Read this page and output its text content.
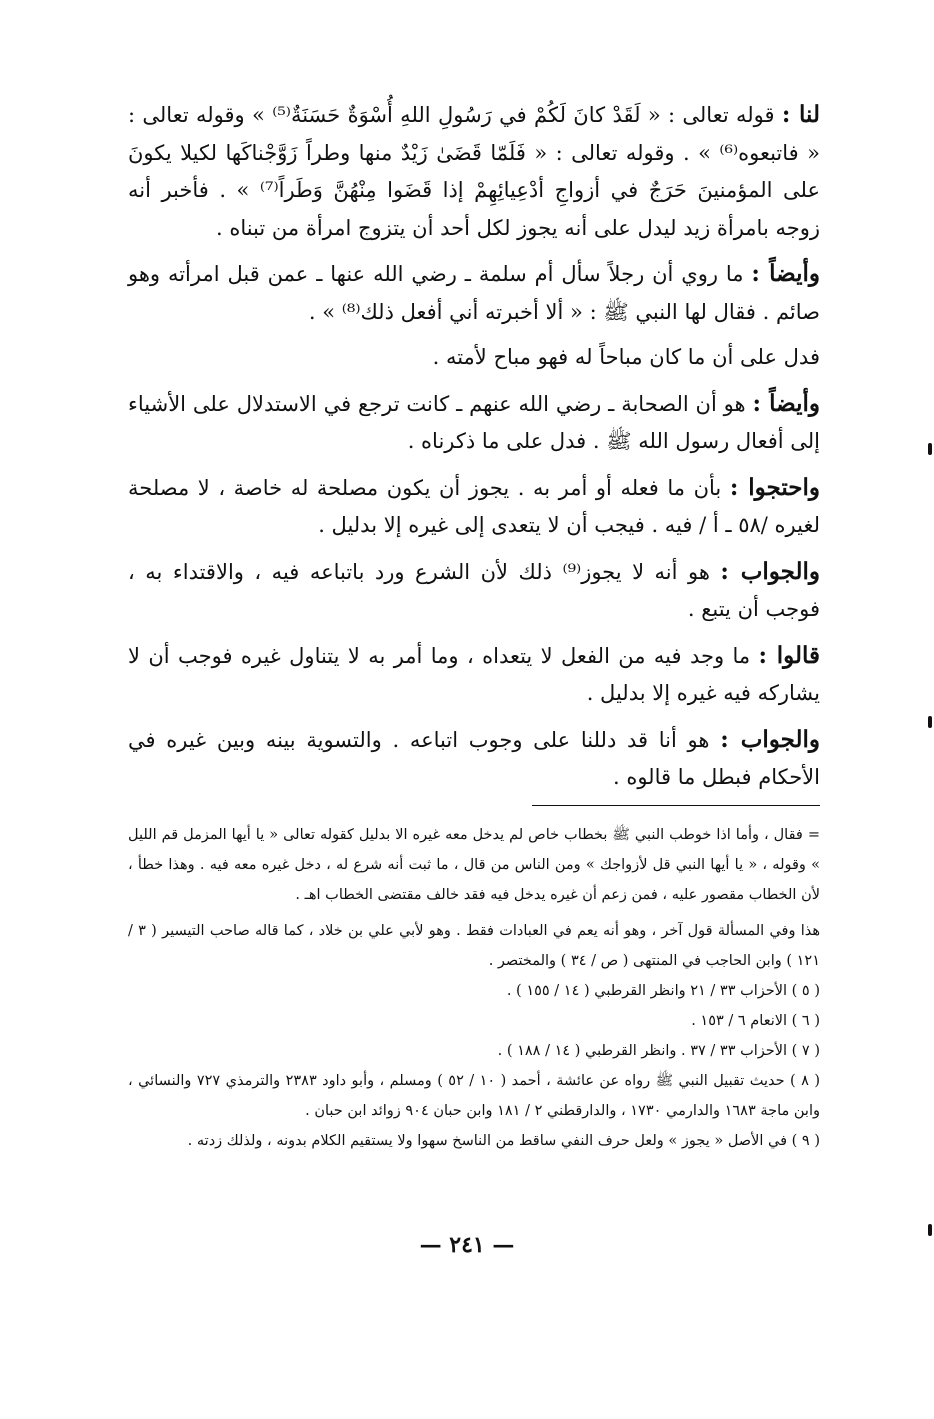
لنا : قوله تعالى : « لَقَدْ كانَ لَكُمْ في رَسُولِ اللهِ أُسْوَةٌ حَسَنَةٌ⁽⁵⁾ » وقوله تعالى : « فاتبعوه⁽⁶⁾ » . وقوله تعالى : « فَلَمّا قَضَىٰ زَيْدٌ منها وطراً زَوَّجْناكَها لكيلا يكونَ على المؤمنينَ حَرَجٌ في أزواجِ أدْعِيائِهِمْ إذا قَضَوا مِنْهُنَّ وَطَراً⁽⁷⁾ » . فأخبر أنه زوجه بامرأة زيد ليدل على أنه يجوز لكل أحد أن يتزوج امرأة من تبناه .

وأيضاً : ما روي أن رجلاً سأل أم سلمة ـ رضي الله عنها ـ عمن قبل امرأته وهو صائم . فقال لها النبي ﷺ : « ألا أخبرته أني أفعل ذلك⁽⁸⁾ » .

فدل على أن ما كان مباحاً له فهو مباح لأمته .

وأيضاً : هو أن الصحابة ـ رضي الله عنهم ـ كانت ترجع في الاستدلال على الأشياء إلى أفعال رسول الله ﷺ . فدل على ما ذكرناه .

واحتجوا : بأن ما فعله أو أمر به . يجوز أن يكون مصلحة له خاصة ، لا مصلحة لغيره /٥٨ ـ أ / فيه . فيجب أن لا يتعدى إلى غيره إلا بدليل .

والجواب : هو أنه لا يجوز⁽⁹⁾ ذلك لأن الشرع ورد باتباعه فيه ، والاقتداء به ، فوجب أن يتبع .

قالوا : ما وجد فيه من الفعل لا يتعداه ، وما أمر به لا يتناول غيره فوجب أن لا يشاركه فيه غيره إلا بدليل .

والجواب : هو أنا قد دللنا على وجوب اتباعه . والتسوية بينه وبين غيره في الأحكام فبطل ما قالوه .

= فقال ، وأما اذا خوطب النبي ﷺ بخطاب خاص لم يدخل معه غيره الا بدليل كقوله تعالى « يا أيها المزمل قم الليل » وقوله ، « يا أيها النبي قل لأزواجك » ومن الناس من قال ، ما ثبت أنه شرع له ، دخل غيره معه فيه . وهذا خطأ ، لأن الخطاب مقصور عليه ، فمن زعم أن غيره يدخل فيه فقد خالف مقتضى الخطاب اهـ .

هذا وفي المسألة قول آخر ، وهو أنه يعم في العبادات فقط . وهو لأبي علي بن خلاد ، كما قاله صاحب التيسير ( ٣ / ١٢١ ) وابن الحاجب في المنتهى ( ص / ٣٤ ) والمختصر .

( ٥ ) الأحزاب ٣٣ / ٢١ وانظر القرطبي ( ١٤ / ١٥٥ ) .

( ٦ ) الانعام ٦ / ١٥٣ .

( ٧ ) الأحزاب ٣٣ / ٣٧ . وانظر القرطبي ( ١٤ / ١٨٨ ) .

( ٨ ) حديث تقبيل النبي ﷺ رواه عن عائشة ، أحمد ( ١٠ / ٥٢ ) ومسلم ، وأبو داود ٢٣٨٣ والترمذي ٧٢٧ والنسائي ، وابن ماجة ١٦٨٣ والدارمي ١٧٣٠ ، والدارقطني ٢ / ١٨١ وابن حبان ٩٠٤ زوائد ابن حبان .

( ٩ ) في الأصل « يجوز » ولعل حرف النفي ساقط من الناسخ سهوا ولا يستقيم الكلام بدونه ، ولذلك زدته .

— ٢٤١ —
